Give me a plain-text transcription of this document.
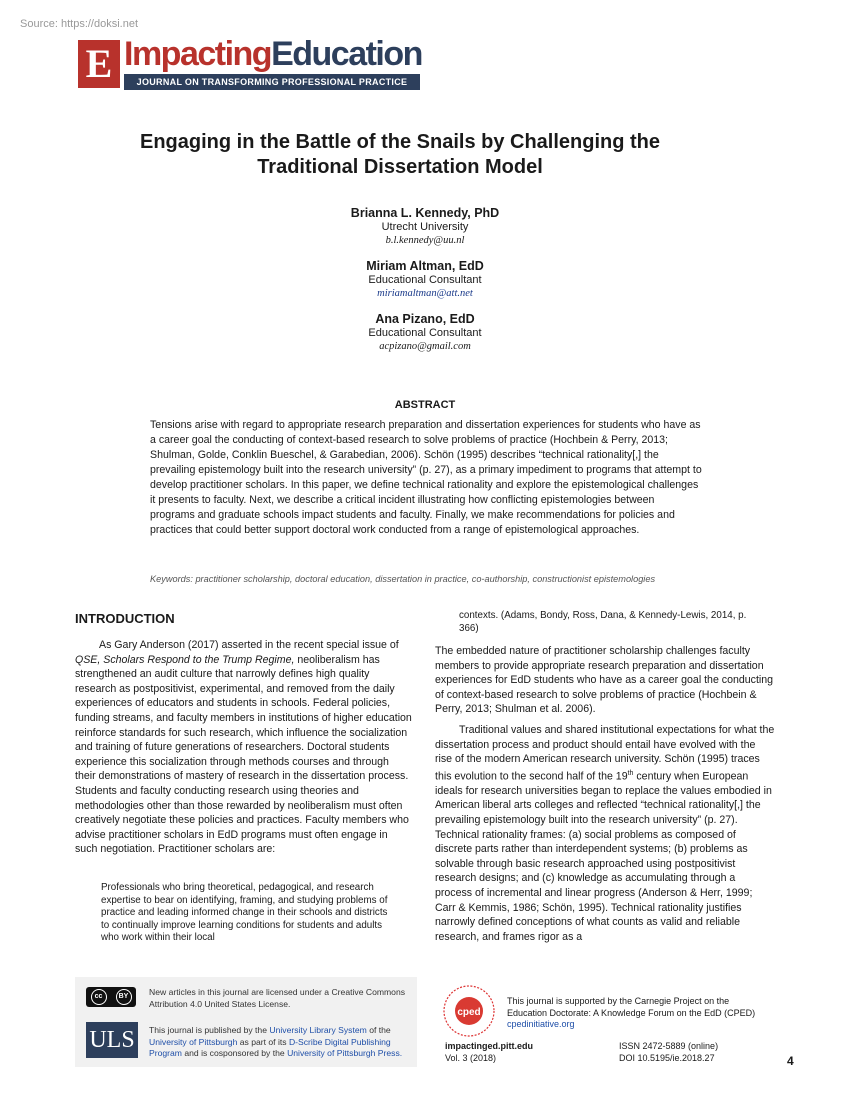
Source: https://doksi.net
E ImpactingEducation
JOURNAL ON TRANSFORMING PROFESSIONAL PRACTICE
Engaging in the Battle of the Snails by Challenging the Traditional Dissertation Model
Brianna L. Kennedy, PhD
Utrecht University
b.l.kennedy@uu.nl
Miriam Altman, EdD
Educational Consultant
miriamaltman@att.net
Ana Pizano, EdD
Educational Consultant
acpizano@gmail.com
ABSTRACT
Tensions arise with regard to appropriate research preparation and dissertation experiences for students who have as a career goal the conducting of context-based research to solve problems of practice (Hochbein & Perry, 2013; Shulman, Golde, Conklin Bueschel, & Garabedian, 2006). Schön (1995) describes “technical rationality[,] the prevailing epistemology built into the research university” (p. 27), as a primary impediment to programs that attempt to develop practitioner scholars. In this paper, we define technical rationality and explore the epistemological challenges it presents to faculty. Next, we describe a critical incident illustrating how conflicting epistemologies between programs and graduate schools impact students and faculty. Finally, we make recommendations for policies and practices that could better support doctoral work conducted from a range of epistemological approaches.
Keywords: practitioner scholarship, doctoral education, dissertation in practice, co-authorship, constructionist epistemologies
INTRODUCTION

As Gary Anderson (2017) asserted in the recent special issue of QSE, Scholars Respond to the Trump Regime, neoliberalism has strengthened an audit culture that narrowly defines high quality research as postpositivist, experimental, and removed from the daily experiences of educators and students in schools. Federal policies, funding streams, and faculty members in institutions of higher education reinforce standards for such research, which influence the socialization and training of future generations of researchers. Doctoral students experience this socialization through methods courses and through their demonstrations of mastery of research in the dissertation process. Students and faculty conducting research using theories and methodologies other than those rewarded by neoliberalism must often creatively negotiate these policies and practices. Faculty members who advise practitioner scholars in EdD programs must often engage in such negotiation. Practitioner scholars are:

Professionals who bring theoretical, pedagogical, and research expertise to bear on identifying, framing, and studying problems of practice and leading informed change in their schools and districts to continually improve learning conditions for students and adults who work within their local
contexts. (Adams, Bondy, Ross, Dana, & Kennedy-Lewis, 2014, p. 366)

The embedded nature of practitioner scholarship challenges faculty members to provide appropriate research preparation and dissertation experiences for EdD students who have as a career goal the conducting of context-based research to solve problems of practice (Hochbein & Perry, 2013; Shulman et al. 2006).

Traditional values and shared institutional expectations for what the dissertation process and product should entail have evolved with the rise of the modern American research university. Schön (1995) traces this evolution to the second half of the 19th century when European ideals for research universities began to replace the values embodied in American liberal arts colleges and reflected “technical rationality[,] the prevailing epistemology built into the research university” (p. 27). Technical rationality frames: (a) social problems as composed of discrete parts rather than interdependent systems; (b) problems as solvable through basic research approached using postpositivist research designs; and (c) knowledge as accumulating through a process of incremental and linear progress (Anderson & Herr, 1999; Carr & Kemmis, 1986; Schön, 1995). Technical rationality justifies narrowly defined conceptions of what counts as valid and reliable research, and frames rigor as a

cc	BY	New articles in this journal are licensed under a Creative Commons Attribution 4.0 United States License.
ULS	This journal is published by the University Library System of the University of Pittsburgh as part of its D-Scribe Digital Publishing Program and is cosponsored by the University of Pittsburgh Press.
cped
This journal is supported by the Carnegie Project on the Education Doctorate: A Knowledge Forum on the EdD (CPED) cpedinitiative.org
impactinged.pitt.edu
Vol. 3 (2018)
ISSN 2472-5889 (online)
DOI 10.5195/ie.2018.27	4
